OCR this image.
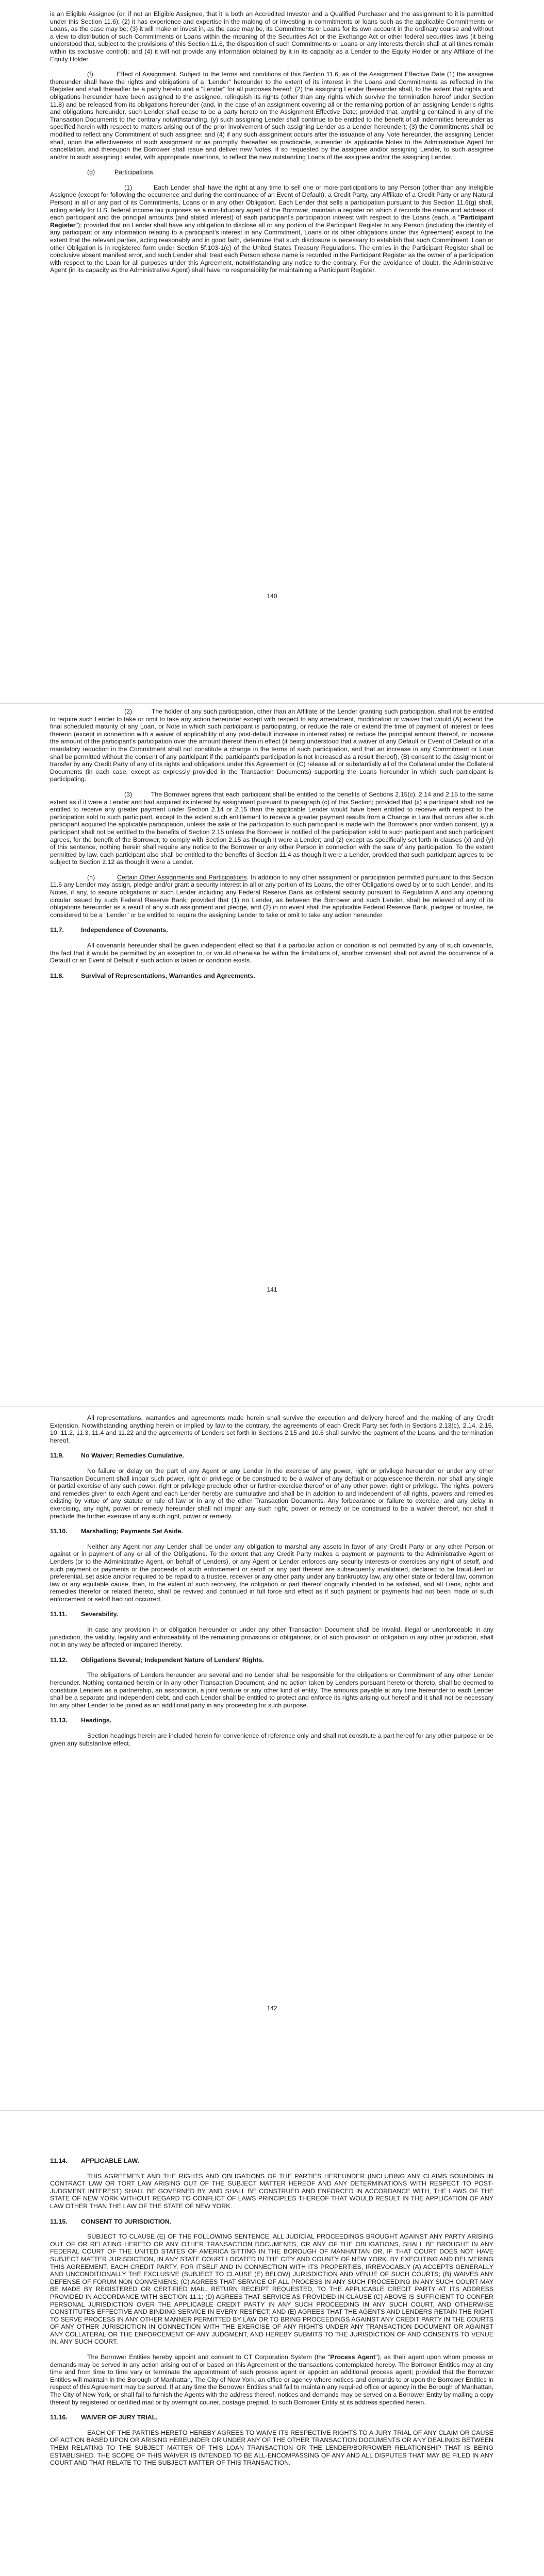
is an Eligible Assignee (or, if not an Eligible Assignee, that it is both an Accredited Investor and a Qualified Purchaser and the assignment to it is permitted under this Section 11.6); (2) it has experience and expertise in the making of or investing in commitments or loans such as the applicable Commitments or Loans, as the case may be; (3) it will make or invest in, as the case may be, its Commitments or Loans for its own account in the ordinary course and without a view to distribution of such Commitments or Loans within the meaning of the Securities Act or the Exchange Act or other federal securities laws (it being understood that, subject to the provisions of this Section 11.6, the disposition of such Commitments or Loans or any interests therein shall at all times remain within its exclusive control); and (4) it will not provide any information obtained by it in its capacity as a Lender to the Equity Holder or any Affiliate of the Equity Holder.

(f)	Effect of Assignment. Subject to the terms and conditions of this Section 11.6, as of the Assignment Effective Date (1) the assignee thereunder shall have the rights and obligations of a "Lender" hereunder to the extent of its interest in the Loans and Commitments as reflected in the Register and shall thereafter be a party hereto and a "Lender" for all purposes hereof; (2) the assigning Lender thereunder shall, to the extent that rights and obligations hereunder have been assigned to the assignee, relinquish its rights (other than any rights which survive the termination hereof under Section 11.8) and be released from its obligations hereunder (and, in the case of an assignment covering all or the remaining portion of an assigning Lender's rights and obligations hereunder, such Lender shall cease to be a party hereto on the Assignment Effective Date; provided that, anything contained in any of the Transaction Documents to the contrary notwithstanding, (y) such assigning Lender shall continue to be entitled to the benefit of all indemnities hereunder as specified herein with respect to matters arising out of the prior involvement of such assigning Lender as a Lender hereunder); (3) the Commitments shall be modified to reflect any Commitment of such assignee; and (4) if any such assignment occurs after the issuance of any Note hereunder, the assigning Lender shall, upon the effectiveness of such assignment or as promptly thereafter as practicable, surrender its applicable Notes to the Administrative Agent for cancellation, and thereupon the Borrower shall issue and deliver new Notes, if so requested by the assignee and/or assigning Lender, to such assignee and/or to such assigning Lender, with appropriate insertions, to reflect the new outstanding Loans of the assignee and/or the assigning Lender.

(g)	Participations.

(1)	Each Lender shall have the right at any time to sell one or more participations to any Person (other than any Ineligible Assignee (except for following the occurrence and during the continuance of an Event of Default), a Credit Party, any Affiliate of a Credit Party or any Natural Person) in all or any part of its Commitments, Loans or in any other Obligation. Each Lender that sells a participation pursuant to this Section 11.6(g) shall, acting solely for U.S. federal income tax purposes as a non-fiduciary agent of the Borrower, maintain a register on which it records the name and address of each participant and the principal amounts (and stated interest) of each participant's participation interest with respect to the Loans (each, a "Participant Register"); provided that no Lender shall have any obligation to disclose all or any portion of the Participant Register to any Person (including the identity of any participant or any information relating to a participant's interest in any Commitment, Loans or its other obligations under this Agreement) except to the extent that the relevant parties, acting reasonably and in good faith, determine that such disclosure is necessary to establish that such Commitment, Loan or other Obligation is in registered form under Section 5f.103-1(c) of the United States Treasury Regulations. The entries in the Participant Register shall be conclusive absent manifest error, and such Lender shall treat each Person whose name is recorded in the Participant Register as the owner of a participation with respect to the Loan for all purposes under this Agreement, notwithstanding any notice to the contrary. For the avoidance of doubt, the Administrative Agent (in its capacity as the Administrative Agent) shall have no responsibility for maintaining a Participant Register.

140

(2)	The holder of any such participation, other than an Affiliate of the Lender granting such participation, shall not be entitled to require such Lender to take or omit to take any action hereunder except with respect to any amendment, modification or waiver that would (A) extend the final scheduled maturity of any Loan, or Note in which such participant is participating, or reduce the rate or extend the time of payment of interest or fees thereon (except in connection with a waiver of applicability of any post-default increase in interest rates) or reduce the principal amount thereof, or increase the amount of the participant's participation over the amount thereof then in effect (it being understood that a waiver of any Default or Event of Default or of a mandatory reduction in the Commitment shall not constitute a change in the terms of such participation, and that an increase in any Commitment or Loan shall be permitted without the consent of any participant if the participant's participation is not increased as a result thereof), (B) consent to the assignment or transfer by any Credit Party of any of its rights and obligations under this Agreement or (C) release all or substantially all of the Collateral under the Collateral Documents (in each case, except as expressly provided in the Transaction Documents) supporting the Loans hereunder in which such participant is participating.

(3)	The Borrower agrees that each participant shall be entitled to the benefits of Sections 2.15(c), 2.14 and 2.15 to the same extent as if it were a Lender and had acquired its interest by assignment pursuant to paragraph (c) of this Section; provided that (x) a participant shall not be entitled to receive any greater payment under Section 2.14 or 2.15 than the applicable Lender would have been entitled to receive with respect to the participation sold to such participant, except to the extent such entitlement to receive a greater payment results from a Change in Law that occurs after such participant acquired the applicable participation, unless the sale of the participation to such participant is made with the Borrower's prior written consent, (y) a participant shall not be entitled to the benefits of Section 2.15 unless the Borrower is notified of the participation sold to such participant and such participant agrees, for the benefit of the Borrower, to comply with Section 2.15 as though it were a Lender; and (z) except as specifically set forth in clauses (x) and (y) of this sentence, nothing herein shall require any notice to the Borrower or any other Person in connection with the sale of any participation. To the extent permitted by law, each participant also shall be entitled to the benefits of Section 11.4 as though it were a Lender, provided that such participant agrees to be subject to Section 2.12 as though it were a Lender.

(h)	Certain Other Assignments and Participations. In addition to any other assignment or participation permitted pursuant to this Section 11.6 any Lender may assign, pledge and/or grant a security interest in all or any portion of its Loans, the other Obligations owed by or to such Lender, and its Notes, if any, to secure obligations of such Lender including any Federal Reserve Bank as collateral security pursuant to Regulation A and any operating circular issued by such Federal Reserve Bank; provided that (1) no Lender, as between the Borrower and such Lender, shall be relieved of any of its obligations hereunder as a result of any such assignment and pledge, and (2) in no event shall the applicable Federal Reserve Bank, pledgee or trustee, be considered to be a "Lender" or be entitled to require the assigning Lender to take or omit to take any action hereunder.

11.7.	Independence of Covenants.

All covenants hereunder shall be given independent effect so that if a particular action or condition is not permitted by any of such covenants, the fact that it would be permitted by an exception to, or would otherwise be within the limitations of, another covenant shall not avoid the occurrence of a Default or an Event of Default if such action is taken or condition exists.

11.8.	Survival of Representations, Warranties and Agreements.

141

All representations, warranties and agreements made herein shall survive the execution and delivery hereof and the making of any Credit Extension. Notwithstanding anything herein or implied by law to the contrary, the agreements of each Credit Party set forth in Sections 2.13(c), 2.14, 2.15, 10, 11.2, 11.3, 11.4 and 11.22 and the agreements of Lenders set forth in Sections 2.15 and 10.6 shall survive the payment of the Loans, and the termination hereof.

11.9.	No Waiver; Remedies Cumulative.

No failure or delay on the part of any Agent or any Lender in the exercise of any power, right or privilege hereunder or under any other Transaction Document shall impair such power, right or privilege or be construed to be a waiver of any default or acquiescence therein, nor shall any single or partial exercise of any such power, right or privilege preclude other or further exercise thereof or of any other power, right or privilege. The rights, powers and remedies given to each Agent and each Lender hereby are cumulative and shall be in addition to and independent of all rights, powers and remedies existing by virtue of any statute or rule of law or in any of the other Transaction Documents. Any forbearance or failure to exercise, and any delay in exercising, any right, power or remedy hereunder shall not impair any such right, power or remedy or be construed to be a waiver thereof, nor shall it preclude the further exercise of any such right, power or remedy.

11.10. Marshalling; Payments Set Aside.

Neither any Agent nor any Lender shall be under any obligation to marshal any assets in favor of any Credit Party or any other Person or against or in payment of any or all of the Obligations. To the extent that any Credit Party makes a payment or payments to the Administrative Agent or Lenders (or to the Administrative Agent, on behalf of Lenders), or any Agent or Lender enforces any security interests or exercises any right of setoff, and such payment or payments or the proceeds of such enforcement or setoff or any part thereof are subsequently invalidated, declared to be fraudulent or preferential, set aside and/or required to be repaid to a trustee, receiver or any other party under any bankruptcy law, any other state or federal law, common law or any equitable cause, then, to the extent of such recovery, the obligation or part thereof originally intended to be satisfied, and all Liens, rights and remedies therefor or related thereto, shall be revived and continued in full force and effect as if such payment or payments had not been made or such enforcement or setoff had not occurred.

11.11. Severability.

In case any provision in or obligation hereunder or under any other Transaction Document shall be invalid, illegal or unenforceable in any jurisdiction, the validity, legality and enforceability of the remaining provisions or obligations, or of such provision or obligation in any other jurisdiction, shall not in any way be affected or impaired thereby.

11.12. Obligations Several; Independent Nature of Lenders' Rights.

The obligations of Lenders hereunder are several and no Lender shall be responsible for the obligations or Commitment of any other Lender hereunder. Nothing contained herein or in any other Transaction Document, and no action taken by Lenders pursuant hereto or thereto, shall be deemed to constitute Lenders as a partnership, an association, a joint venture or any other kind of entity. The amounts payable at any time hereunder to each Lender shall be a separate and independent debt, and each Lender shall be entitled to protect and enforce its rights arising out hereof and it shall not be necessary for any other Lender to be joined as an additional party in any proceeding for such purpose.

11.13. Headings.

Section headings herein are included herein for convenience of reference only and shall not constitute a part hereof for any other purpose or be given any substantive effect.

142

11.14. APPLICABLE LAW.

THIS AGREEMENT AND THE RIGHTS AND OBLIGATIONS OF THE PARTIES HEREUNDER (INCLUDING ANY CLAIMS SOUNDING IN CONTRACT LAW OR TORT LAW ARISING OUT OF THE SUBJECT MATTER HEREOF AND ANY DETERMINATIONS WITH RESPECT TO POST-JUDGMENT INTEREST) SHALL BE GOVERNED BY, AND SHALL BE CONSTRUED AND ENFORCED IN ACCORDANCE WITH, THE LAWS OF THE STATE OF NEW YORK WITHOUT REGARD TO CONFLICT OF LAWS PRINCIPLES THEREOF THAT WOULD RESULT IN THE APPLICATION OF ANY LAW OTHER THAN THE LAW OF THE STATE OF NEW YORK.

11.15. CONSENT TO JURISDICTION.

SUBJECT TO CLAUSE (E) OF THE FOLLOWING SENTENCE, ALL JUDICIAL PROCEEDINGS BROUGHT AGAINST ANY PARTY ARISING OUT OF OR RELATING HERETO OR ANY OTHER TRANSACTION DOCUMENTS, OR ANY OF THE OBLIGATIONS, SHALL BE BROUGHT IN ANY FEDERAL COURT OF THE UNITED STATES OF AMERICA SITTING IN THE BOROUGH OF MANHATTAN OR, IF THAT COURT DOES NOT HAVE SUBJECT MATTER JURISDICTION, IN ANY STATE COURT LOCATED IN THE CITY AND COUNTY OF NEW YORK. BY EXECUTING AND DELIVERING THIS AGREEMENT, EACH CREDIT PARTY, FOR ITSELF AND IN CONNECTION WITH ITS PROPERTIES, IRREVOCABLY (A) ACCEPTS GENERALLY AND UNCONDITIONALLY THE EXCLUSIVE (SUBJECT TO CLAUSE (E) BELOW) JURISDICTION AND VENUE OF SUCH COURTS; (B) WAIVES ANY DEFENSE OF FORUM NON CONVENIENS; (C) AGREES THAT SERVICE OF ALL PROCESS IN ANY SUCH PROCEEDING IN ANY SUCH COURT MAY BE MADE BY REGISTERED OR CERTIFIED MAIL, RETURN RECEIPT REQUESTED, TO THE APPLICABLE CREDIT PARTY AT ITS ADDRESS PROVIDED IN ACCORDANCE WITH SECTION 11.1; (D) AGREES THAT SERVICE AS PROVIDED IN CLAUSE (C) ABOVE IS SUFFICIENT TO CONFER PERSONAL JURISDICTION OVER THE APPLICABLE CREDIT PARTY IN ANY SUCH PROCEEDING IN ANY SUCH COURT, AND OTHERWISE CONSTITUTES EFFECTIVE AND BINDING SERVICE IN EVERY RESPECT; AND (E) AGREES THAT THE AGENTS AND LENDERS RETAIN THE RIGHT TO SERVE PROCESS IN ANY OTHER MANNER PERMITTED BY LAW OR TO BRING PROCEEDINGS AGAINST ANY CREDIT PARTY IN THE COURTS OF ANY OTHER JURISDICTION IN CONNECTION WITH THE EXERCISE OF ANY RIGHTS UNDER ANY TRANSACTION DOCUMENT OR AGAINST ANY COLLATERAL OR THE ENFORCEMENT OF ANY JUDGMENT, AND HEREBY SUBMITS TO THE JURISDICTION OF AND CONSENTS TO VENUE IN, ANY SUCH COURT.

The Borrower Entities hereby appoint and consent to CT Corporation System (the "Process Agent"), as their agent upon whom process or demands may be served in any action arising out of or based on this Agreement or the transactions contemplated hereby. The Borrower Entities may at any time and from time to time vary or terminate the appointment of such process agent or appoint an additional process agent; provided that the Borrower Entities will maintain in the Borough of Manhattan, The City of New York, an office or agency where notices and demands to or upon the Borrower Entities in respect of this Agreement may be served. If at any time the Borrower Entities shall fail to maintain any required office or agency in the Borough of Manhattan, The City of New York, or shall fail to furnish the Agents with the address thereof, notices and demands may be served on a Borrower Entity by mailing a copy thereof by registered or certified mail or by overnight courier, postage prepaid, to such Borrower Entity at its address specified herein.

11.16. WAIVER OF JURY TRIAL.

EACH OF THE PARTIES HERETO HEREBY AGREES TO WAIVE ITS RESPECTIVE RIGHTS TO A JURY TRIAL OF ANY CLAIM OR CAUSE OF ACTION BASED UPON OR ARISING HEREUNDER OR UNDER ANY OF THE OTHER TRANSACTION DOCUMENTS OR ANY DEALINGS BETWEEN THEM RELATING TO THE SUBJECT MATTER OF THIS LOAN TRANSACTION OR THE LENDER/BORROWER RELATIONSHIP THAT IS BEING ESTABLISHED. THE SCOPE OF THIS WAIVER IS INTENDED TO BE ALL-ENCOMPASSING OF ANY AND ALL DISPUTES THAT MAY BE FILED IN ANY COURT AND THAT RELATE TO THE SUBJECT MATTER OF THIS TRANSACTION.
